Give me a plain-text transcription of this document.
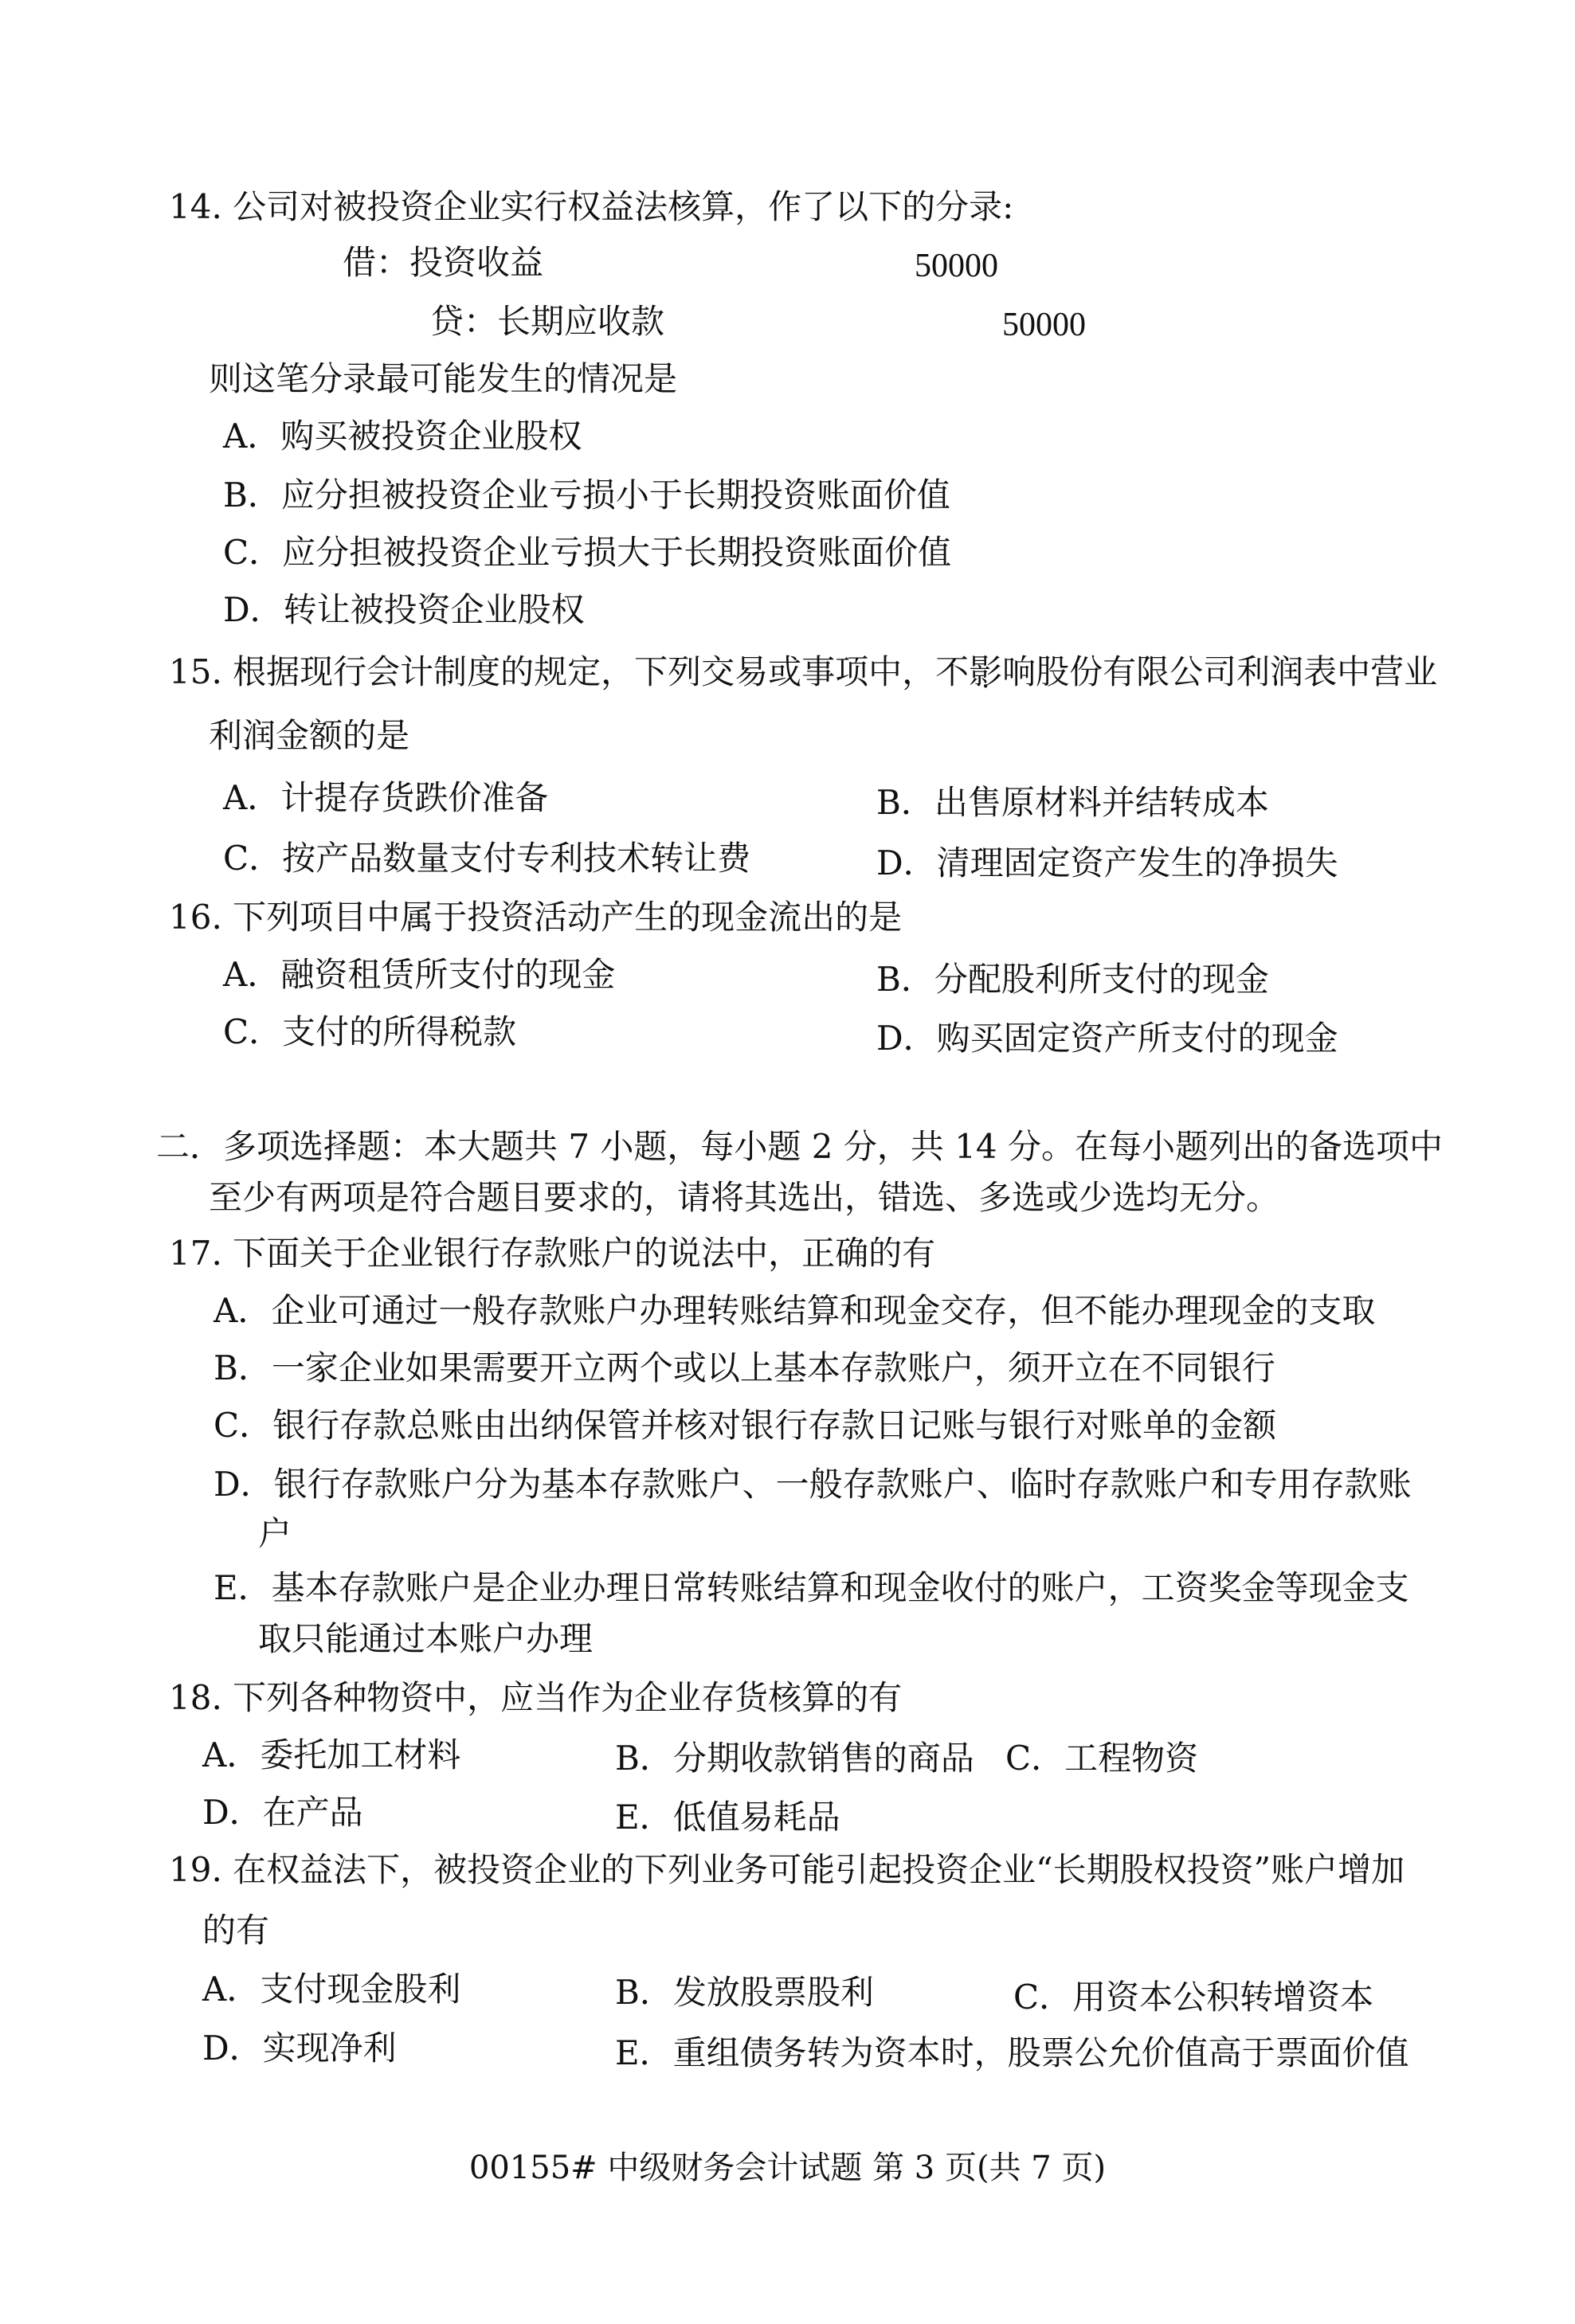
14. 公司对被投资企业实行权益法核算，作了以下的分录:
借：投资收益	50000
贷：长期应收款	50000
则这笔分录最可能发生的情况是
A．购买被投资企业股权
B．应分担被投资企业亏损小于长期投资账面价值
C．应分担被投资企业亏损大于长期投资账面价值
D．转让被投资企业股权
15. 根据现行会计制度的规定，下列交易或事项中，不影响股份有限公司利润表中营业
利润金额的是
A．计提存货跌价准备	B．出售原材料并结转成本
C．按产品数量支付专利技术转让费	D．清理固定资产发生的净损失
16. 下列项目中属于投资活动产生的现金流出的是
A．融资租赁所支付的现金	B．分配股利所支付的现金
C．支付的所得税款	D．购买固定资产所支付的现金
二．多项选择题：本大题共 7 小题，每小题 2 分，共 14 分。在每小题列出的备选项中
至少有两项是符合题目要求的，请将其选出，错选、多选或少选均无分。
17. 下面关于企业银行存款账户的说法中，正确的有
A．企业可通过一般存款账户办理转账结算和现金交存，但不能办理现金的支取
B．一家企业如果需要开立两个或以上基本存款账户，须开立在不同银行
C．银行存款总账由出纳保管并核对银行存款日记账与银行对账单的金额
D．银行存款账户分为基本存款账户、一般存款账户、临时存款账户和专用存款账
户
E．基本存款账户是企业办理日常转账结算和现金收付的账户，工资奖金等现金支
取只能通过本账户办理
18. 下列各种物资中，应当作为企业存货核算的有
A．委托加工材料	B．分期收款销售的商品 C．工程物资
D．在产品	E．低值易耗品
19. 在权益法下，被投资企业的下列业务可能引起投资企业“长期股权投资”账户增加
的有
A．支付现金股利	B．发放股票股利	C．用资本公积转增资本
D．实现净利	E．重组债务转为资本时，股票公允价值高于票面价值
00155# 中级财务会计试题 第 3 页(共 7 页)
